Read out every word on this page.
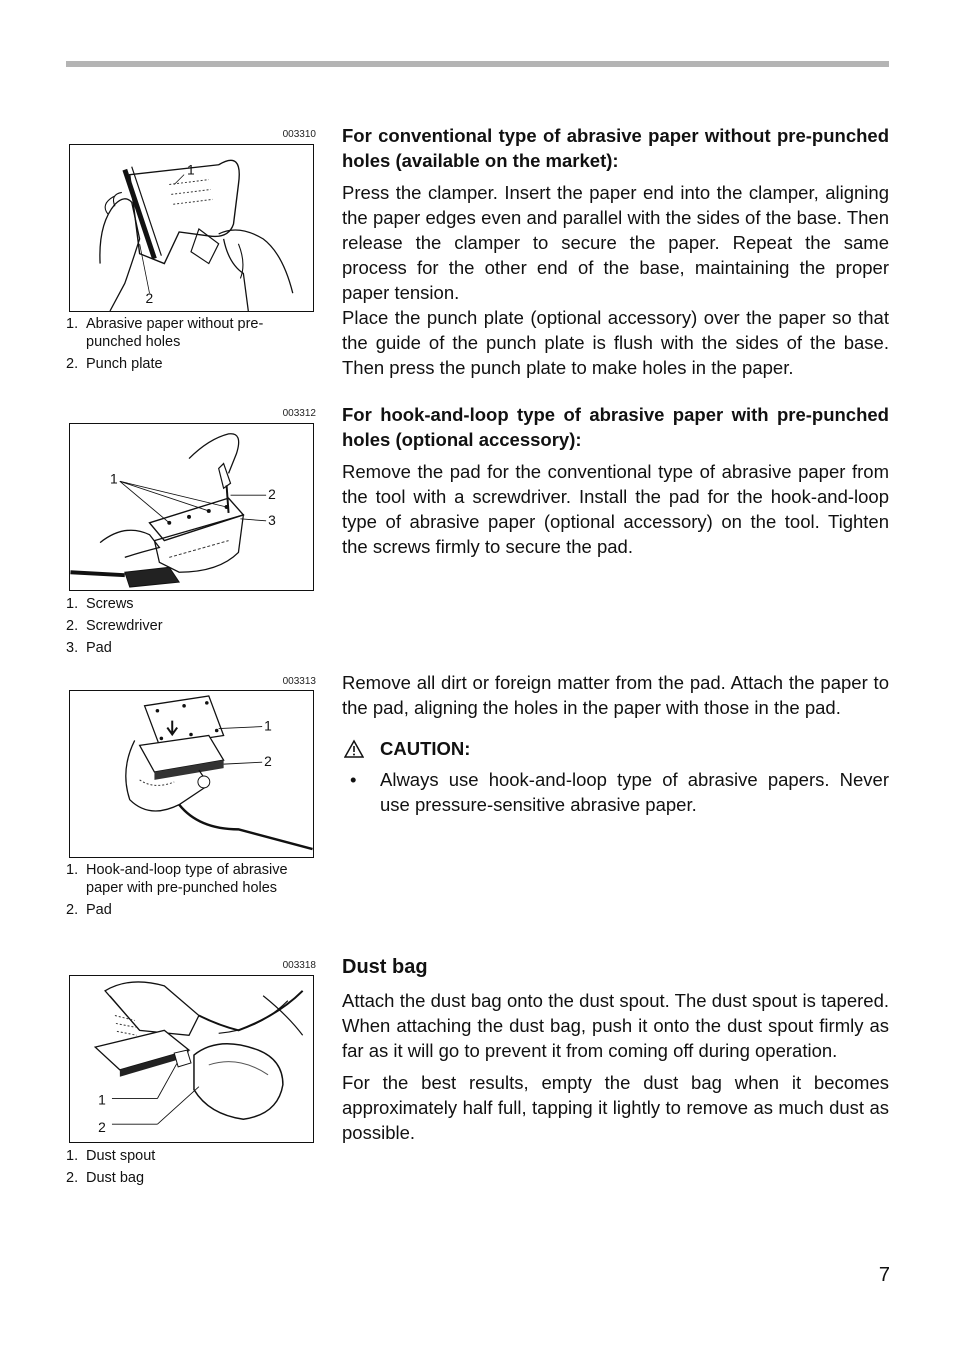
003310
1
2
1. Abrasive paper without pre-punched holes
2. Punch plate
003312
1
2
3
1. Screws
2. Screwdriver
3. Pad
003313
1
2
1. Hook-and-loop type of abrasive paper with pre-punched holes
2. Pad
003318
1
2
1. Dust spout
2. Dust bag
For conventional type of abrasive paper without pre-punched holes (available on the market):

Press the clamper. Insert the paper end into the clamper, aligning the paper edges even and parallel with the sides of the base. Then release the clamper to secure the paper. Repeat the same process for the other end of the base, maintaining the proper paper tension.

Place the punch plate (optional accessory) over the paper so that the guide of the punch plate is flush with the sides of the base. Then press the punch plate to make holes in the paper.

For hook-and-loop type of abrasive paper with pre-punched holes (optional accessory):

Remove the pad for the conventional type of abrasive paper from the tool with a screwdriver. Install the pad for the hook-and-loop type of abrasive paper (optional accessory) on the tool. Tighten the screws firmly to secure the pad.

Remove all dirt or foreign matter from the pad. Attach the paper to the pad, aligning the holes in the paper with those in the pad.

CAUTION:
•	Always use hook-and-loop type of abrasive papers. Never use pressure-sensitive abrasive paper.
Dust bag

Attach the dust bag onto the dust spout. The dust spout is tapered. When attaching the dust bag, push it onto the dust spout firmly as far as it will go to prevent it from coming off during operation.

For the best results, empty the dust bag when it becomes approximately half full, tapping it lightly to remove as much dust as possible.

7
